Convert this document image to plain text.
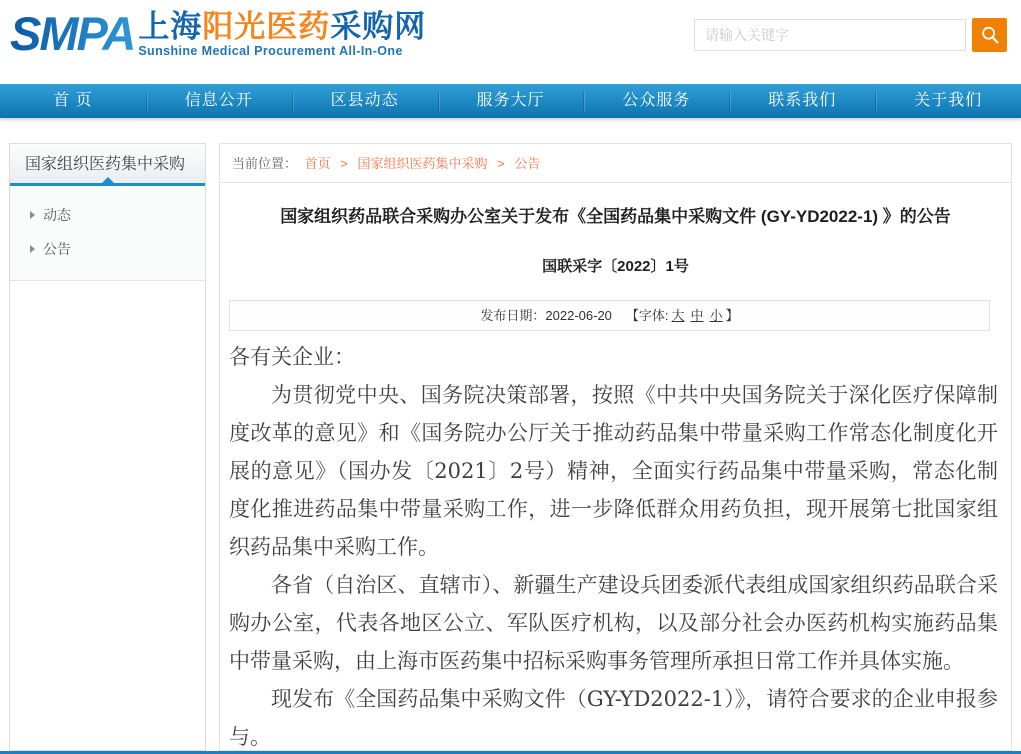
SMPA 上海阳光医药采购网
Sunshine Medical Procurement All-In-One
请输入关键字
首 页	信息公开	区县动态	服务大厅	公众服务	联系我们	关于我们
国家组织医药集中采购
动态
公告
当前位置： 首页 > 国家组织医药集中采购 > 公告
国家组织药品联合采购办公室关于发布《全国药品集中采购文件 (GY-YD2022-1) 》的公告
国联采字〔2022〕1号
发布日期：2022-06-20 【字体: 大 中 小 】

各有关企业：

为贯彻党中央、国务院决策部署，按照《中共中央国务院关于深化医疗保障制度改革的意见》和《国务院办公厅关于推动药品集中带量采购工作常态化制度化开展的意见》（国办发〔2021〕2号）精神，全面实行药品集中带量采购，常态化制度化推进药品集中带量采购工作，进一步降低群众用药负担，现开展第七批国家组织药品集中采购工作。

各省（自治区、直辖市）、新疆生产建设兵团委派代表组成国家组织药品联合采购办公室，代表各地区公立、军队医疗机构，以及部分社会办医药机构实施药品集中带量采购，由上海市医药集中招标采购事务管理所承担日常工作并具体实施。

现发布《全国药品集中采购文件（GY-YD2022-1）》，请符合要求的企业申报参与。
